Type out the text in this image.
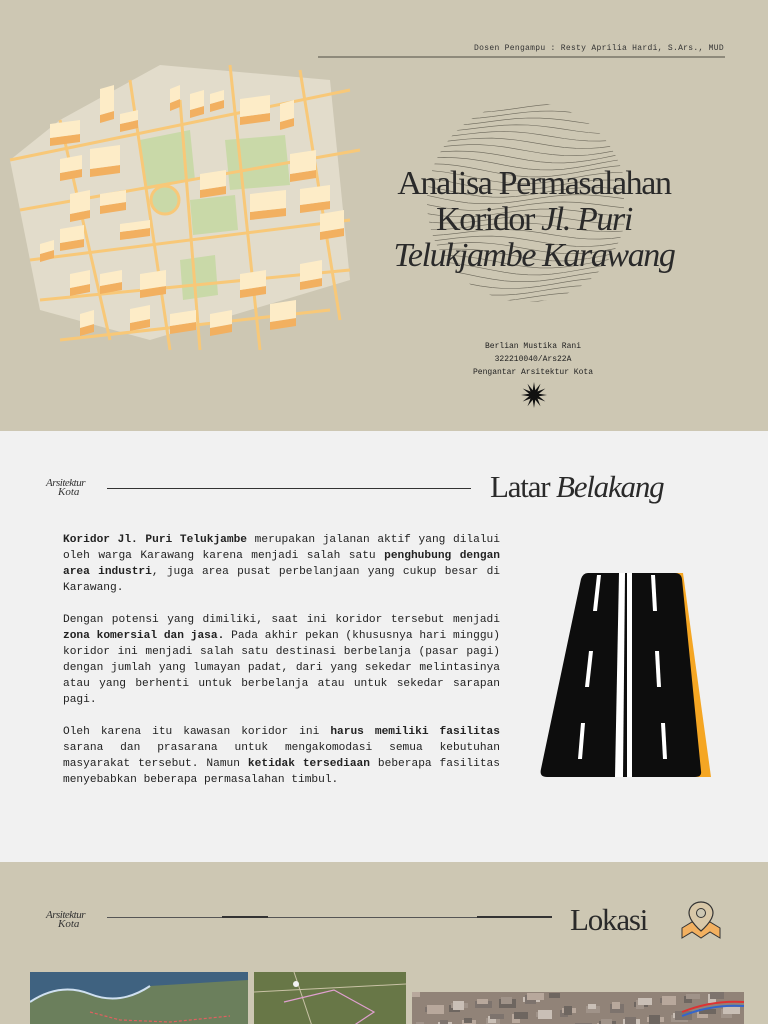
Dosen Pengampu : Resty Aprilia Hardi, S.Ars., MUD
Analisa Permasalahan
Koridor Jl. Puri
Telukjambe Karawang
Berlian Mustika Rani
322210040/Ars22A
Pengantar Arsitektur Kota
Arsitektur
Kota	Latar Belakang

Koridor Jl. Puri Telukjambe merupakan jalanan aktif yang dilalui oleh warga Karawang karena menjadi salah satu penghubung dengan area industri, juga area pusat perbelanjaan yang cukup besar di Karawang.

Dengan potensi yang dimiliki, saat ini koridor tersebut menjadi zona komersial dan jasa. Pada akhir pekan (khususnya hari minggu) koridor ini menjadi salah satu destinasi berbelanja (pasar pagi) dengan jumlah yang lumayan padat, dari yang sekedar melintasinya atau yang berhenti untuk berbelanja atau untuk sekedar sarapan pagi.

Oleh karena itu kawasan koridor ini harus memiliki fasilitas sarana dan prasarana untuk mengakomodasi semua kebutuhan masyarakat tersebut. Namun ketidak tersediaan beberapa fasilitas menyebabkan beberapa permasalahan timbul.

Arsitektur
Kota	Lokasi
